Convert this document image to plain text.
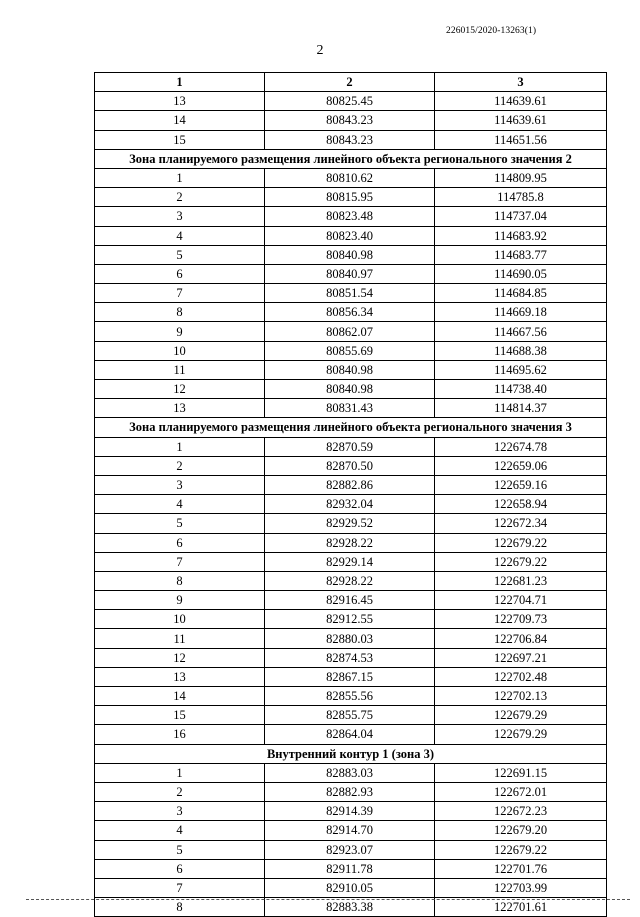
226015/2020-13263(1)
2
1	2	3
13	80825.45	114639.61
14	80843.23	114639.61
15	80843.23	114651.56
Зона планируемого размещения линейного объекта регионального значения 2		
1	80810.62	114809.95
2	80815.95	114785.8
3	80823.48	114737.04
4	80823.40	114683.92
5	80840.98	114683.77
6	80840.97	114690.05
7	80851.54	114684.85
8	80856.34	114669.18
9	80862.07	114667.56
10	80855.69	114688.38
11	80840.98	114695.62
12	80840.98	114738.40
13	80831.43	114814.37
Зона планируемого размещения линейного объекта регионального значения 3		
1	82870.59	122674.78
2	82870.50	122659.06
3	82882.86	122659.16
4	82932.04	122658.94
5	82929.52	122672.34
6	82928.22	122679.22
7	82929.14	122679.22
8	82928.22	122681.23
9	82916.45	122704.71
10	82912.55	122709.73
11	82880.03	122706.84
12	82874.53	122697.21
13	82867.15	122702.48
14	82855.56	122702.13
15	82855.75	122679.29
16	82864.04	122679.29
Внутренний контур 1 (зона 3)		
1	82883.03	122691.15
2	82882.93	122672.01
3	82914.39	122672.23
4	82914.70	122679.20
5	82923.07	122679.22
6	82911.78	122701.76
7	82910.05	122703.99
8	82883.38	122701.61
